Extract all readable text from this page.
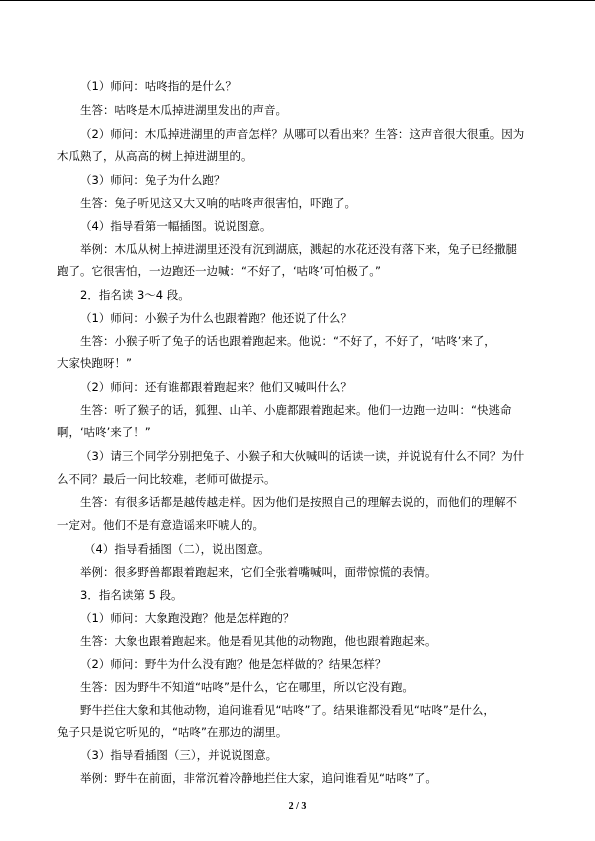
（1）师问：咕咚指的是什么？
生答：咕咚是木瓜掉进湖里发出的声音。
（2）师问：木瓜掉进湖里的声音怎样？从哪可以看出来？生答：这声音很大很重。因为
木瓜熟了，从高高的树上掉进湖里的。
（3）师问：兔子为什么跑？
生答：兔子听见这又大又响的咕咚声很害怕，吓跑了。
（4）指导看第一幅插图。说说图意。
举例：木瓜从树上掉进湖里还没有沉到湖底，溅起的水花还没有落下来，兔子已经撒腿
跑了。它很害怕，一边跑还一边喊：“不好了，‘咕咚’可怕极了。”
2．指名读 3～4 段。
（1）师问：小猴子为什么也跟着跑？他还说了什么？
生答：小猴子听了兔子的话也跟着跑起来。他说：“不好了，不好了，‘咕咚’来了，
大家快跑呀！”
（2）师问：还有谁都跟着跑起来？他们又喊叫什么？
生答：听了猴子的话，狐狸、山羊、小鹿都跟着跑起来。他们一边跑一边叫：“快逃命
啊，‘咕咚’来了！”
（3）请三个同学分别把兔子、小猴子和大伙喊叫的话读一读，并说说有什么不同？为什
么不同？最后一问比较难，老师可做提示。
生答：有很多话都是越传越走样。因为他们是按照自己的理解去说的，而他们的理解不
一定对。他们不是有意造谣来吓唬人的。
（4）指导看插图（二），说出图意。
举例：很多野兽都跟着跑起来，它们全张着嘴喊叫，面带惊慌的表情。
3．指名读第 5 段。
（1）师问：大象跑没跑？他是怎样跑的？
生答：大象也跟着跑起来。他是看见其他的动物跑，他也跟着跑起来。
（2）师问：野牛为什么没有跑？他是怎样做的？结果怎样？
生答：因为野牛不知道“咕咚”是什么，它在哪里，所以它没有跑。
野牛拦住大象和其他动物，追问谁看见“咕咚”了。结果谁都没看见“咕咚”是什么，
兔子只是说它听见的，“咕咚”在那边的湖里。
（3）指导看插图（三），并说说图意。
举例：野牛在前面，非常沉着冷静地拦住大家，追问谁看见“咕咚”了。
2 / 3
